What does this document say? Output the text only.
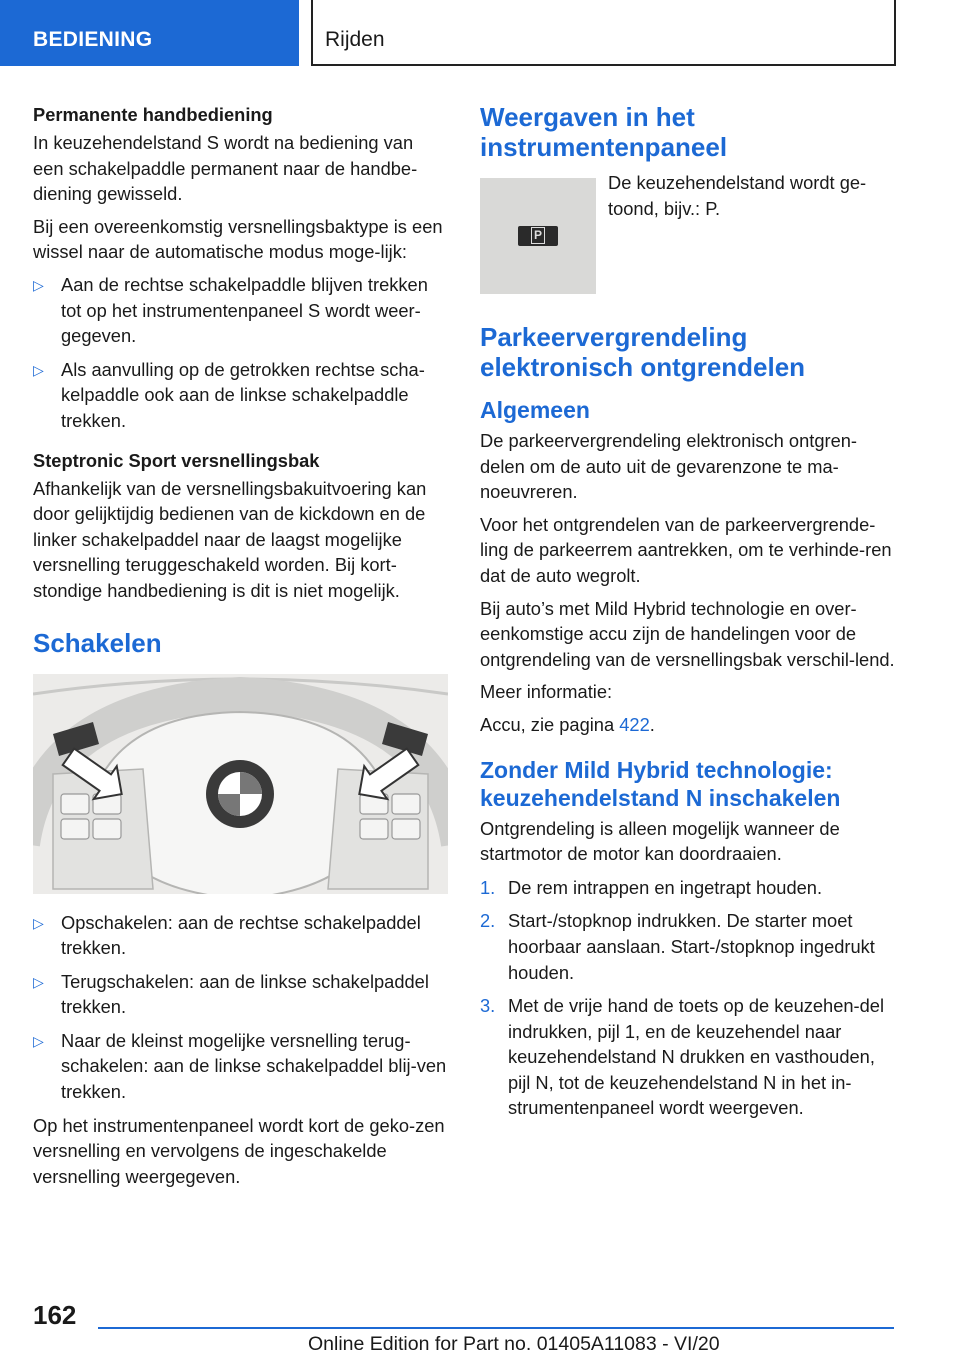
BEDIENING	Rijden
Permanente handbediening

In keuzehendelstand S wordt na bediening van een schakelpaddle permanent naar de handbe-diening gewisseld.

Bij een overeenkomstig versnellingsbaktype is een wissel naar de automatische modus moge-lijk:

▷ Aan de rechtse schakelpaddle blijven trekken tot op het instrumentenpaneel S wordt weer-gegeven.
▷ Als aanvulling op de getrokken rechtse scha-kelpaddle ook aan de linkse schakelpaddle trekken.
Steptronic Sport versnellingsbak

Afhankelijk van de versnellingsbakuitvoering kan door gelijktijdig bedienen van de kickdown en de linker schakelpaddel naar de laagst mogelijke versnelling teruggeschakeld worden. Bij kort-stondige handbediening is dit is niet mogelijk.

Schakelen
▷ Opschakelen: aan de rechtse schakelpaddel trekken.
▷ Terugschakelen: aan de linkse schakelpaddel trekken.
▷ Naar de kleinst mogelijke versnelling terug-schakelen: aan de linkse schakelpaddel blij-ven trekken.

Op het instrumentenpaneel wordt kort de geko-zen versnelling en vervolgens de ingeschakelde versnelling weergegeven.

Weergaven in het instrumentenpaneel
P

De keuzehendelstand wordt ge-toond, bijv.: P.

Parkeervergrendeling elektronisch ontgrendelen
Algemeen

De parkeervergrendeling elektronisch ontgren-delen om de auto uit de gevarenzone te ma-noeuvreren.

Voor het ontgrendelen van de parkeervergrende-ling de parkeerrem aantrekken, om te verhinde-ren dat de auto wegrolt.

Bij auto’s met Mild Hybrid technologie en over-eenkomstige accu zijn de handelingen voor de ontgrendeling van de versnellingsbak verschil-lend.

Meer informatie:

Accu, zie pagina 422.

Zonder Mild Hybrid technologie: keuzehendelstand N inschakelen

Ontgrendeling is alleen mogelijk wanneer de startmotor de motor kan doordraaien.

1. De rem intrappen en ingetrapt houden.
2. Start-/stopknop indrukken. De starter moet hoorbaar aanslaan. Start-/stopknop ingedrukt houden.
3. Met de vrije hand de toets op de keuzehen-del indrukken, pijl 1, en de keuzehendel naar keuzehendelstand N drukken en vasthouden, pijl N, tot de keuzehendelstand N in het in-strumentenpaneel wordt weergeven.
162
Online Edition for Part no. 01405A11083 - VI/20
